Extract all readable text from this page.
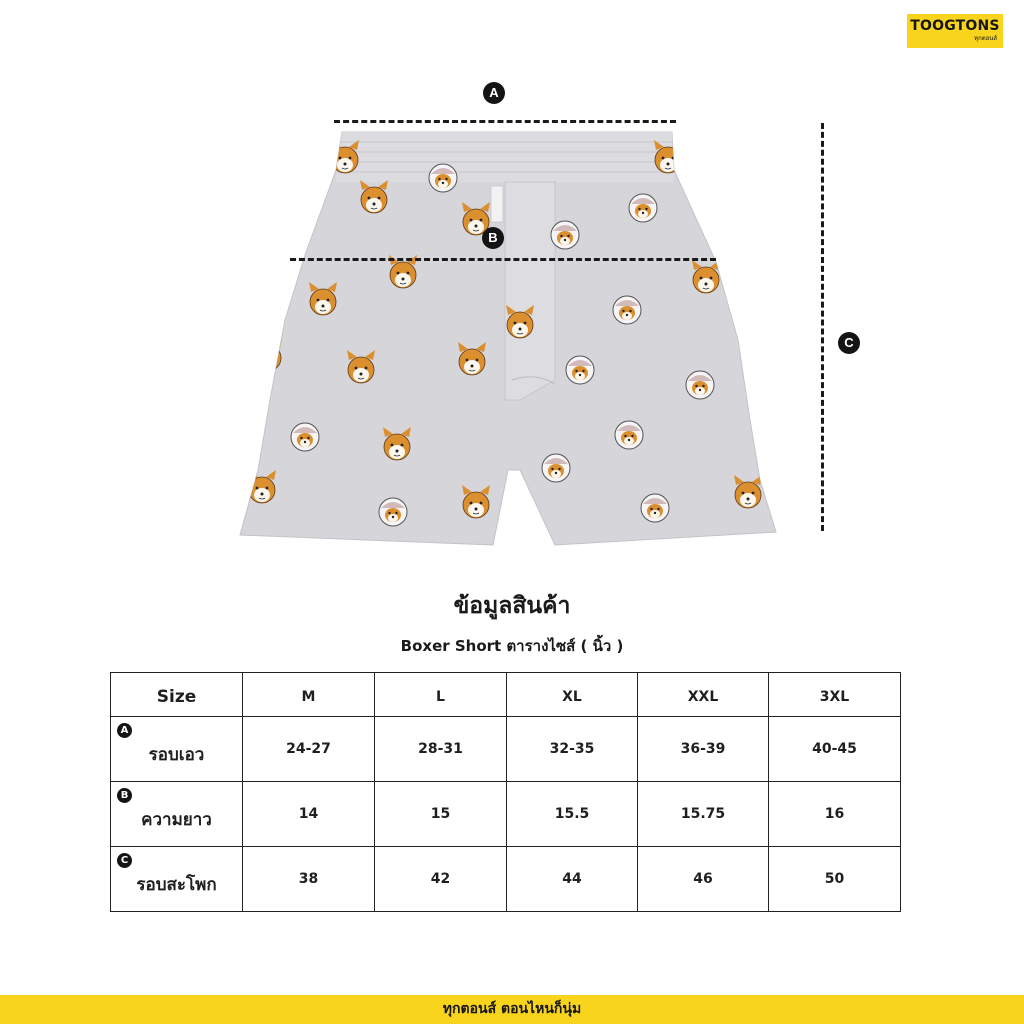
TOOGTONS
ทุกตอนส์
A
B
C
ข้อมูลสินค้า
Boxer Short ตารางไซส์ ( นิ้ว )
Size	M	L	XL	XXL	3XL

A
รอบเอว	24-27	28-31	32-35	36-39	40-45

B
ความยาว	14	15	15.5	15.75	16

C
รอบสะโพก	38	42	44	46	50
ทุกตอนส์ ตอนไหนก็นุ่ม
